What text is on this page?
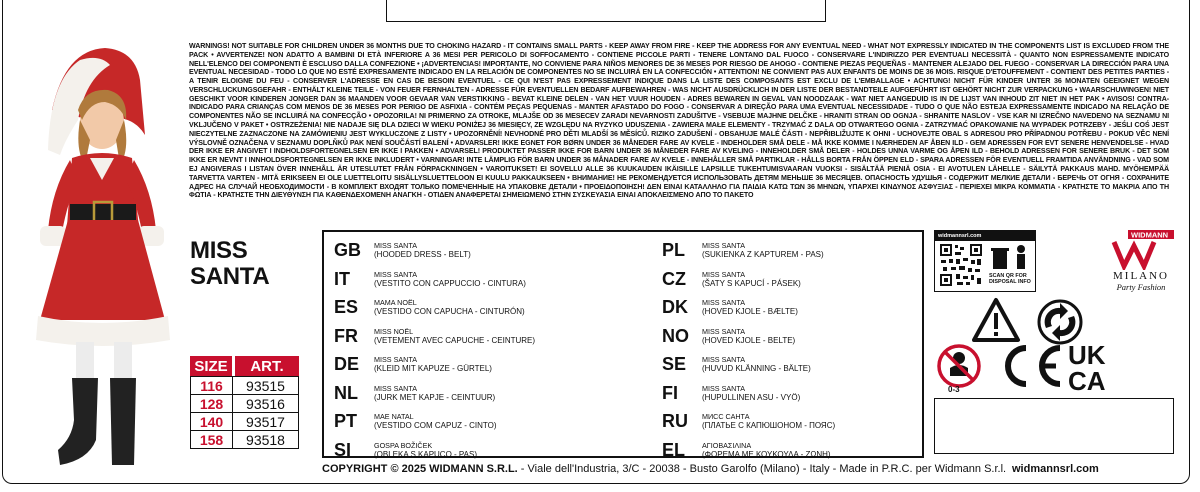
WARNINGS! NOT SUITABLE FOR CHILDREN UNDER 36 MONTHS DUE TO CHOKING HAZARD - IT CONTAINS SMALL PARTS - KEEP AWAY FROM FIRE - KEEP THE ADDRESS FOR ANY EVENTUAL NEED - WHAT NOT EXPRESSLY INDICATED IN THE COMPONENTS LIST IS EXCLUDED FROM THE PACK • AVVERTENZE! NON ADATTO A BAMBINI DI ETÀ INFERIORE A 36 MESI PER PERICOLO DI SOFFOCAMENTO - CONTIENE PICCOLE PARTI - TENERE LONTANO DAL FUOCO - CONSERVARE L'INDIRIZZO PER EVENTUALI NECESSITÀ - QUANTO NON ESPRESSAMENTE INDICATO NELL'ELENCO DEI COMPONENTI È ESCLUSO DALLA CONFEZIONE • ¡ADVERTENCIAS! IMPORTANTE, NO CONVIENE PARA NIÑOS MENORES DE 36 MESES POR RIESGO DE AHOGO - CONTIENE PIEZAS PEQUEÑAS - MANTENER ALEJADO DEL FUEGO - CONSERVAR LA DIRECCIÓN PARA UNA EVENTUAL NECESIDAD - TODO LO QUE NO ESTÉ EXPRESAMENTE INDICADO EN LA RELACIÓN DE COMPONENTES NO SE INCLUIRÁ EN LA CONFECCIÓN • ATTENTION! NE CONVIENT PAS AUX ENFANTS DE MOINS DE 36 MOIS. RISQUE D'ETOUFFEMENT - CONTIENT DES PETITES PARTIES - A TENIR ELOIGNE DU FEU - CONSERVER L'ADRESSE EN CAS DE BESOIN EVENTUEL - CE QUI N'EST PAS EXPRESSEMENT INDIQUE DANS LA LISTE DES COMPOSANTS EST EXCLU DE L'EMBALLAGE • ACHTUNG! NICHT FÜR KINDER UNTER 36 MONATEN GEEIGNET WEGEN VERSCHLUCKUNGSGEFAHR - ENTHÄLT KLEINE TEILE - VON FEUER FERNHALTEN - ADRESSE FÜR EVENTUELLEN BEDARF AUFBEWAHREN - WAS NICHT AUSDRÜCKLICH IN DER LISTE DER BESTANDTEILE AUFGEFÜHRT IST GEHÖRT NICHT ZUR VERPACKUNG • WAARSCHUWINGEN! NIET GESCHIKT VOOR KINDEREN JONGER DAN 36 MAANDEN VOOR GEVAAR VAN VERSTIKKING - BEVAT KLEINE DELEN - VAN HET VUUR HOUDEN - ADRES BEWAREN IN GEVAL VAN NOODZAAK - WAT NIET AANGEDUID IS IN DE LIJST VAN INHOUD ZIT NIET IN HET PAK • AVISOS! CONTRA-INDICADO PARA CRIANÇAS COM MENOS DE 36 MESES POR PERIGO DE ASFIXIA - CONTÉM PEÇAS PEQUENAS - MANTER AFASTADO DO FOGO - CONSERVAR A DIREÇÃO PARA UMA EVENTUAL NECESSIDADE - TUDO O QUE NÃO ESTEJA EXPRESSAMENTE INDICADO NA RELAÇÃO DE COMPONENTES NÃO SE INCLUIRÁ NA CONFECÇÃO • OPOZORILA! NI PRIMERNO ZA OTROKE, MLAJŠE OD 36 MESECEV ZARADI NEVARNOSTI ZADUŠITVE - VSEBUJE MAJHNE DELČKE - HRANITI STRAN OD OGNJA - SHRANITE NASLOV - VSE KAR NI IZREČNO NAVEDENO NA SEZNAMU NI VKLJUČENO V PAKET • OSTRZEŻENIA! NIE NADAJE SIĘ DLA DZIECI W WIEKU PONIŻEJ 36 MIESIĘCY, ZE WZGLĘDU NA RYZYKO UDUSZENIA - ZAWIERA MAŁE ELEMENTY - TRZYMAĆ Z DALA OD OTWARTEGO OGNIA - ZATRZYMAĆ OPAKOWANIE NA WYPADEK POTRZEBY - JEŚLI COŚ JEST NIECZYTELNE ZAZNACZONE NA ZAMÓWIENIU JEST WYKLUCZONE Z LISTY • UPOZORNĚNÍ! NEVHODNÉ PRO DĚTI MLADŠÍ 36 MĚSÍCŮ. RIZIKO ZADUŠENÍ - OBSAHUJE MALÉ ČÁSTI - NEPŘIBLIŽUJTE K OHNI - UCHOVEJTE OBAL S ADRESOU PRO PŘÍPADNOU POTŘEBU - POKUD VĚC NENÍ VÝSLOVNĚ OZNAČENA V SEZNAMU DOPLŇKŮ PAK NENÍ SOUČÁSTÍ BALENÍ • ADVARSLER! IKKE EGNET FOR BØRN UNDER 36 MÅNEDER FARE AV KVELE - INDEHOLDER SMÅ DELE - MÅ IKKE KOMME I NÆRHEDEN AF ÅBEN ILD - GEM ADRESSEN FOR EVT SENERE HENVENDELSE - HVAD DER IKKE ER ANGIVET I INDHOLDSFORTEGNELSEN ER IKKE I PAKKEN • ADVARSEL! PRODUKTET PASSER IKKE FOR BARN UNDER 36 MÅNEDER FARE AV KVELING - INNEHOLDER SMÅ DELER - HOLDES UNNA VARME OG ÅPEN ILD - BEHOLD ADRESSEN FOR SENERE BRUK - DET SOM IKKE ER NEVNT I INNHOLDSFORTEGNELSEN ER IKKE INKLUDERT • VARNINGAR! INTE LÄMPLIG FÖR BARN UNDER 36 MÅNADER FARE AV KVELE - INNEHÅLLER SMÅ PARTIKLAR - HÅLLS BORTA FRÅN ÖPPEN ELD - SPARA ADRESSEN FÖR EVENTUELL FRAMTIDA ANVÄNDNING - VAD SOM EJ ANGIVERAS I LISTAN ÖVER INNEHÅLL ÄR UTESLUTET FRÅN FÖRPACKNINGEN • VAROITUKSET! EI SOVELLU ALLE 36 KUUKAUDEN IKÄISILLE LAPSILLE TUKEHTUMISVAARAN VUOKSI - SISÄLTÄÄ PIENIÄ OSIA - EI AVOTULEN LÄHELLE - SÄILYTÄ PAKKAUS MAHD. MYÖHEMPÄÄ TARVETTA VARTEN - MITÄ ERIKSEEN EI OLE LUETTELOITU SISÄLLYSLUETTELOON EI KUULU PAKKAUKSEEN • ВНИМАНИЕ! НЕ РЕКОМЕНДУЕТСЯ ИСПОЛЬЗОВАТЬ ДЕТЯМ МЕНЬШЕ 36 МЕСЯЦЕВ. ОПАСНОСТЬ УДУШЬЯ - СОДЕРЖИТ МЕЛКИЕ ДЕТАЛИ - БЕРЕЧЬ ОТ ОГНЯ - СОХРАНИТЕ АДРЕС НА СЛУЧАЙ НЕОБХОДИМОСТИ - В КОМПЛЕКТ ВХОДЯТ ТОЛЬКО ПОМЕЧЕННЫЕ НА УПАКОВКЕ ДЕТАЛИ • ΠΡΟΕΙΔΟΠΟΙΗΣΗ! ΔΕΝ ΕΙΝΑΙ ΚΑΤΑΛΛΗΛΟ ΓΙΑ ΠΑΙΔΙΑ ΚΑΤΩ ΤΩΝ 36 ΜΗΝΩΝ, ΥΠΑΡΧΕΙ ΚΙΝΔΥΝΟΣ ΑΣΦΥΞΙΑΣ - ΠΕΡΙΕΧΕΙ ΜΙΚΡΑ ΚΟΜΜΑΤΙΑ - ΚΡΑΤΗΣΤΕ ΤΟ ΜΑΚΡΙΑ ΑΠΟ ΤΗ ΦΩΤΙΑ - ΚΡΑΤΗΣΤΕ ΤΗΝ ΔΙΕΥΘΥΝΣΗ ΓΙΑ ΚΑΘΕΝΔΕΧΟΜΕΝΗ ΑΝΑΓΚΗ - ΟΤΙΔΕΝ ΑΝΑΦΕΡΕΤΑΙ ΣΗΜΕΙΩΜΕΝΟ ΣΤΗΝ ΣΥΣΚΕΥΑΣΙΑ ΕΙΝΑΙ ΑΠΟΚΛΕΙΣΜΕΝΟ ΑΠΟ ΤΟ ΠΑΚΕΤΟ
MISS
SANTA
SIZE	ART.
116	93515
128	93516
140	93517
158	93518
GB MISS SANTA
(HOODED DRESS - BELT)
IT	MISS SANTA
(VESTITO CON CAPPUCCIO - CINTURA)
ES MAMA NOËL
(VESTIDO CON CAPUCHA - CINTURÓN)
FR MISS NOËL
(VETEMENT AVEC CAPUCHE - CEINTURE)
DE MISS SANTA
(KLEID MIT KAPUZE - GÜRTEL)
NL MISS SANTA
(JURK MET KAPJE - CEINTUUR)
PT MAE NATAL
(VESTIDO COM CAPUZ - CINTO)
SI	GOSPA BOŽIČEK
(OBLEKA S KAPUCO - PAS)
PL MISS SANTA
(SUKIENKA Z KAPTUREM - PAS)
CZ MISS SANTA
(ŠATY S KAPUCÍ - PÁSEK)
DK MISS SANTA
(HOVED KJOLE - BÆLTE)
NO MISS SANTA
(HOVED KJOLE - BELTE)
SE MISS SANTA
(HUVUD KLÄNNING - BÄLTE)
FI	MISS SANTA
(HUPULLINEN ASU - VYÖ)
RU МИСС САНТА
(ПЛАТЬЕ С КАПЮШОНОМ - ПОЯС)
EL ΑΓΙΟΒΑΣΙΛΙΝΑ
(ΦΟΡΕΜΑ ΜΕ ΚΟΥΚΟΥΛΑ - ΖΩΝΗ)
widmannsrl.com
SCAN QR FOR DISPOSAL INFO
WIDMANN
MILANO
Party Fashion
0-3
UK
CA
COPYRIGHT © 2025 WIDMANN S.R.L. - Viale dell'Industria, 3/C - 20038 - Busto Garolfo (Milano) - Italy - Made in P.R.C. per Widmann S.r.l. widmannsrl.com
